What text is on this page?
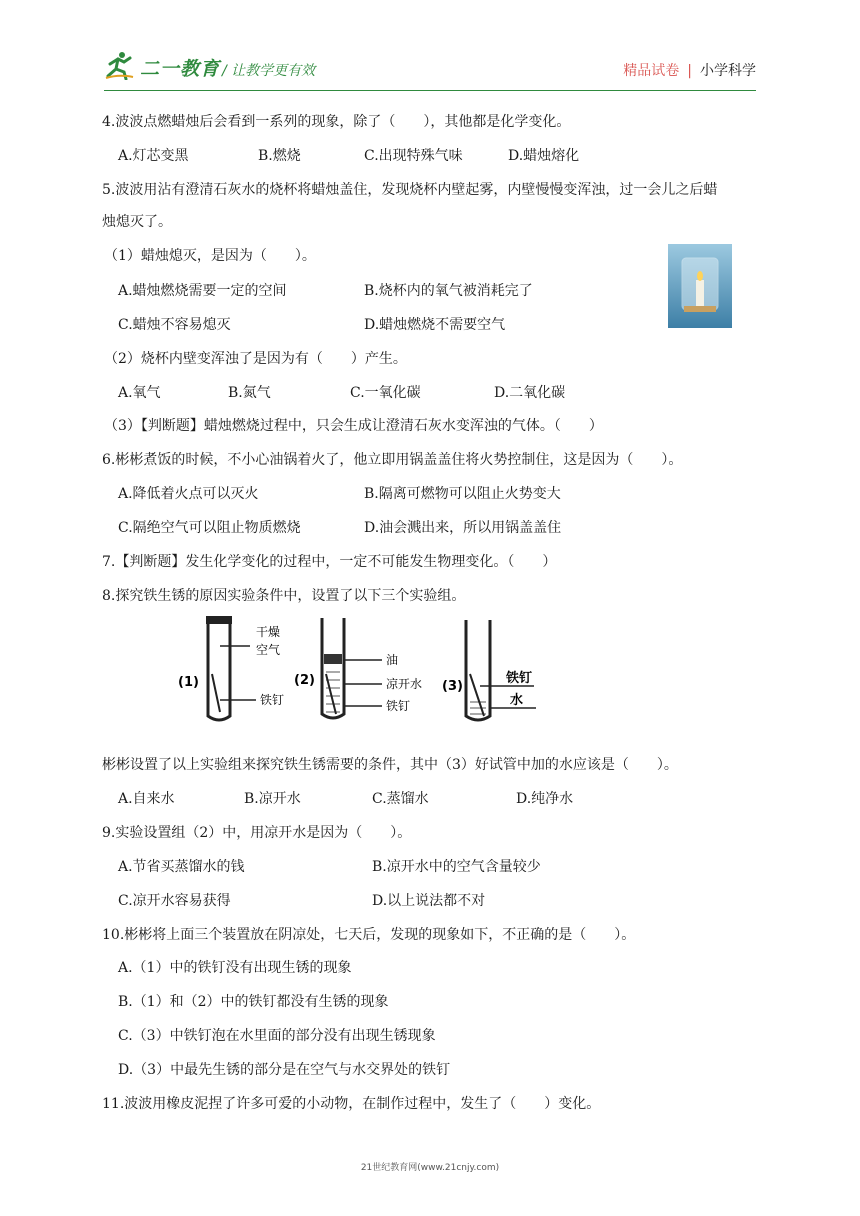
二一教育 / 让教学更有效	精品试卷 | 小学科学
4.波波点燃蜡烛后会看到一系列的现象，除了（　　），其他都是化学变化。
A.灯芯变黑	B.燃烧	C.出现特殊气味	D.蜡烛熔化
5.波波用沾有澄清石灰水的烧杯将蜡烛盖住，发现烧杯内壁起雾，内壁慢慢变浑浊，过一会儿之后蜡
烛熄灭了。
（1）蜡烛熄灭，是因为（　　）。
A.蜡烛燃烧需要一定的空间	B.烧杯内的氧气被消耗完了
C.蜡烛不容易熄灭	D.蜡烛燃烧不需要空气
（2）烧杯内壁变浑浊了是因为有（　　）产生。
A.氧气	B.氮气	C.一氧化碳	D.二氧化碳
（3）【判断题】蜡烛燃烧过程中，只会生成让澄清石灰水变浑浊的气体。（　　）
6.彬彬煮饭的时候，不小心油锅着火了，他立即用锅盖盖住将火势控制住，这是因为（　　）。
A.降低着火点可以灭火	B.隔离可燃物可以阻止火势变大
C.隔绝空气可以阻止物质燃烧	D.油会溅出来，所以用锅盖盖住
7.【判断题】发生化学变化的过程中，一定不可能发生物理变化。（　　）
8.探究铁生锈的原因实验条件中，设置了以下三个实验组。
(1)
干燥
空气
铁钉
(2)
油
凉开水
铁钉
(3)
铁钉
水
彬彬设置了以上实验组来探究铁生锈需要的条件，其中（3）好试管中加的水应该是（　　）。
A.自来水	B.凉开水	C.蒸馏水	D.纯净水
9.实验设置组（2）中，用凉开水是因为（　　）。
A.节省买蒸馏水的钱	B.凉开水中的空气含量较少
C.凉开水容易获得	D.以上说法都不对
10.彬彬将上面三个装置放在阴凉处，七天后，发现的现象如下，不正确的是（　　）。
A.（1）中的铁钉没有出现生锈的现象
B.（1）和（2）中的铁钉都没有生锈的现象
C.（3）中铁钉泡在水里面的部分没有出现生锈现象
D.（3）中最先生锈的部分是在空气与水交界处的铁钉
11.波波用橡皮泥捏了许多可爱的小动物，在制作过程中，发生了（　　）变化。
21世纪教育网(www.21cnjy.com)
